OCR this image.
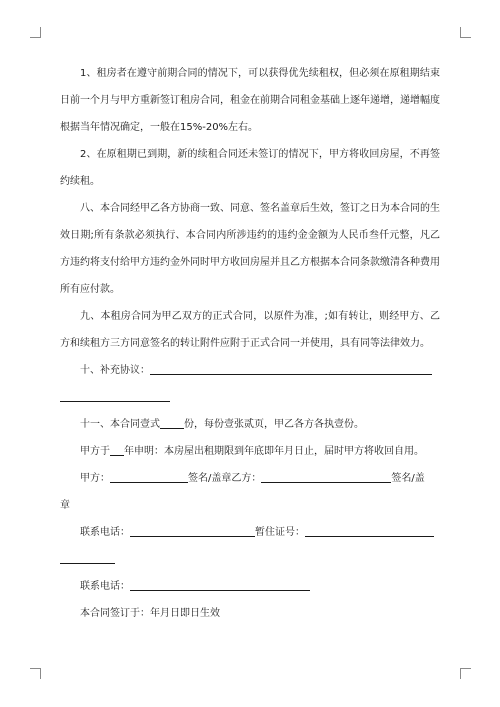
1、租房者在遵守前期合同的情况下，可以获得优先续租权，但必须在原租期结束日前一个月与甲方重新签订租房合同，租金在前期合同租金基础上逐年递增，递增幅度根据当年情况确定，一般在15%-20%左右。

2、在原租期已到期，新的续租合同还未签订的情况下，甲方将收回房屋，不再签约续租。

八、本合同经甲乙各方协商一致、同意、签名盖章后生效，签订之日为本合同的生效日期;所有条款必须执行、本合同内所涉违约的违约金金额为人民币叁仟元整，凡乙方违约将支付给甲方违约金外同时甲方收回房屋并且乙方根据本合同条款缴清各种费用所有应付款。

九、本租房合同为甲乙双方的正式合同，以原件为准，;如有转让，则经甲方、乙方和续租方三方同意签名的转让附件应附于正式合同一并使用，具有同等法律效力。

十、补充协议：

十一、本合同壹式 份，每份壹张贰页，甲乙各方各执壹份。

甲方于 年申明：本房屋出租期限到年底即年月日止，届时甲方将收回自用。

甲方：	签名/盖章乙方：	签名/盖

章

联系电话：	暂住证号：

联系电话：

本合同签订于：年月日即日生效
